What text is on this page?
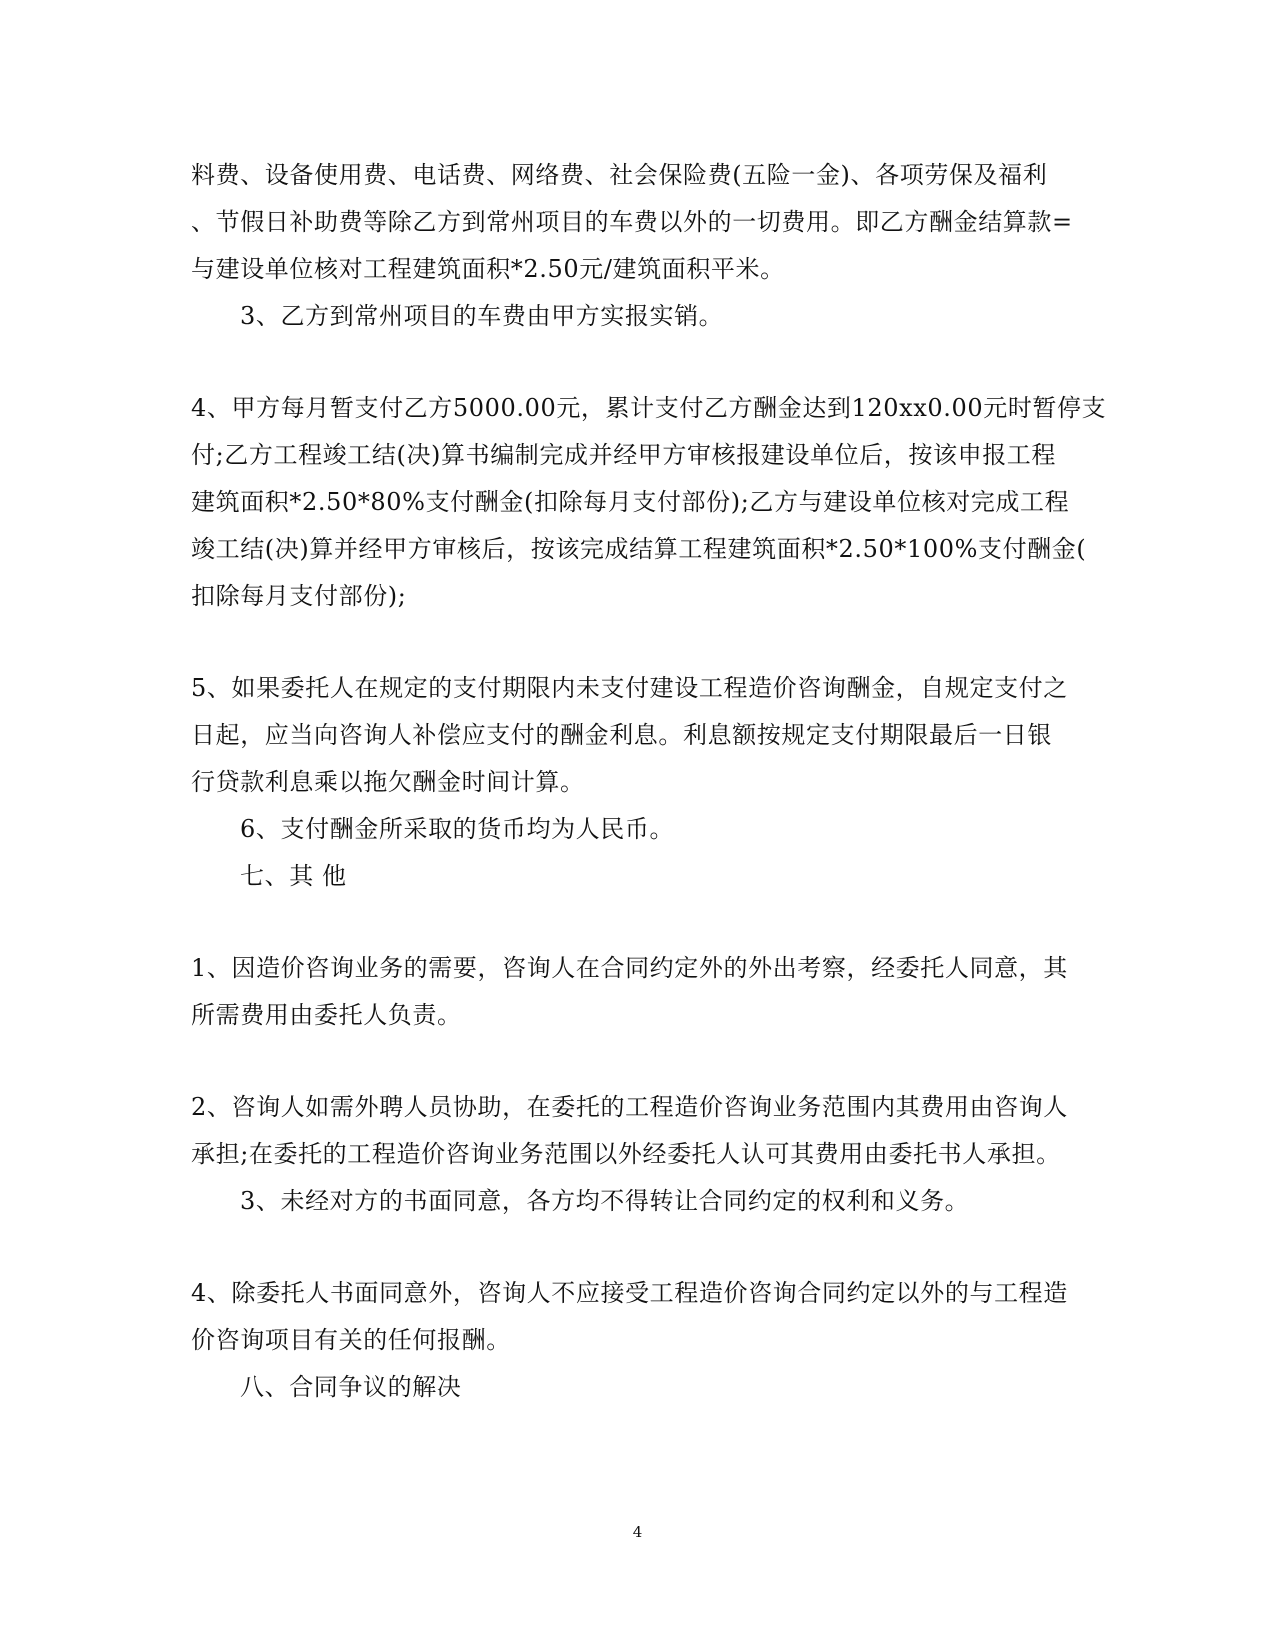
料费、设备使用费、电话费、网络费、社会保险费(五险一金)、各项劳保及福利
、节假日补助费等除乙方到常州项目的车费以外的一切费用。即乙方酬金结算款=
与建设单位核对工程建筑面积*2.50元/建筑面积平米。
3、乙方到常州项目的车费由甲方实报实销。
4、甲方每月暂支付乙方5000.00元，累计支付乙方酬金达到120xx0.00元时暂停支
付;乙方工程竣工结(决)算书编制完成并经甲方审核报建设单位后，按该申报工程
建筑面积*2.50*80%支付酬金(扣除每月支付部份);乙方与建设单位核对完成工程
竣工结(决)算并经甲方审核后，按该完成结算工程建筑面积*2.50*100%支付酬金(
扣除每月支付部份);
5、如果委托人在规定的支付期限内未支付建设工程造价咨询酬金，自规定支付之
日起，应当向咨询人补偿应支付的酬金利息。利息额按规定支付期限最后一日银
行贷款利息乘以拖欠酬金时间计算。
6、支付酬金所采取的货币均为人民币。
七、其 他
1、因造价咨询业务的需要，咨询人在合同约定外的外出考察，经委托人同意，其
所需费用由委托人负责。
2、咨询人如需外聘人员协助，在委托的工程造价咨询业务范围内其费用由咨询人
承担;在委托的工程造价咨询业务范围以外经委托人认可其费用由委托书人承担。
3、未经对方的书面同意，各方均不得转让合同约定的权利和义务。
4、除委托人书面同意外，咨询人不应接受工程造价咨询合同约定以外的与工程造
价咨询项目有关的任何报酬。
八、合同争议的解决
4
